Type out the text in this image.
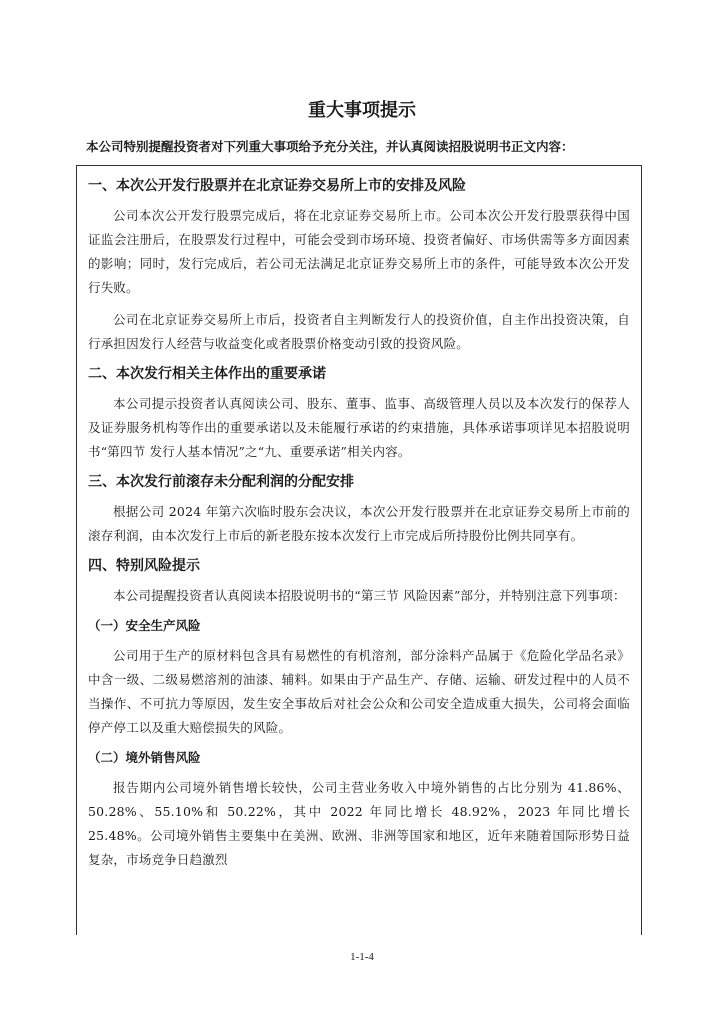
重大事项提示
本公司特别提醒投资者对下列重大事项给予充分关注，并认真阅读招股说明书正文内容：
一、本次公开发行股票并在北京证券交易所上市的安排及风险

公司本次公开发行股票完成后，将在北京证券交易所上市。公司本次公开发行股票获得中国证监会注册后，在股票发行过程中，可能会受到市场环境、投资者偏好、市场供需等多方面因素的影响；同时，发行完成后，若公司无法满足北京证券交易所上市的条件，可能导致本次公开发行失败。

公司在北京证券交易所上市后，投资者自主判断发行人的投资价值，自主作出投资决策，自行承担因发行人经营与收益变化或者股票价格变动引致的投资风险。

二、本次发行相关主体作出的重要承诺

本公司提示投资者认真阅读公司、股东、董事、监事、高级管理人员以及本次发行的保荐人及证券服务机构等作出的重要承诺以及未能履行承诺的约束措施，具体承诺事项详见本招股说明书“第四节 发行人基本情况”之“九、重要承诺”相关内容。

三、本次发行前滚存未分配利润的分配安排

根据公司 2024 年第六次临时股东会决议，本次公开发行股票并在北京证券交易所上市前的滚存利润，由本次发行上市后的新老股东按本次发行上市完成后所持股份比例共同享有。

四、特别风险提示

本公司提醒投资者认真阅读本招股说明书的“第三节 风险因素”部分，并特别注意下列事项：

（一）安全生产风险

公司用于生产的原材料包含具有易燃性的有机溶剂，部分涂料产品属于《危险化学品名录》中含一级、二级易燃溶剂的油漆、辅料。如果由于产品生产、存储、运输、研发过程中的人员不当操作、不可抗力等原因，发生安全事故后对社会公众和公司安全造成重大损失，公司将会面临停产停工以及重大赔偿损失的风险。

（二）境外销售风险

报告期内公司境外销售增长较快，公司主营业务收入中境外销售的占比分别为 41.86%、50.28%、55.10%和 50.22%，其中 2022 年同比增长 48.92%，2023 年同比增长 25.48%。公司境外销售主要集中在美洲、欧洲、非洲等国家和地区，近年来随着国际形势日益复杂，市场竞争日趋激烈

1-1-4
